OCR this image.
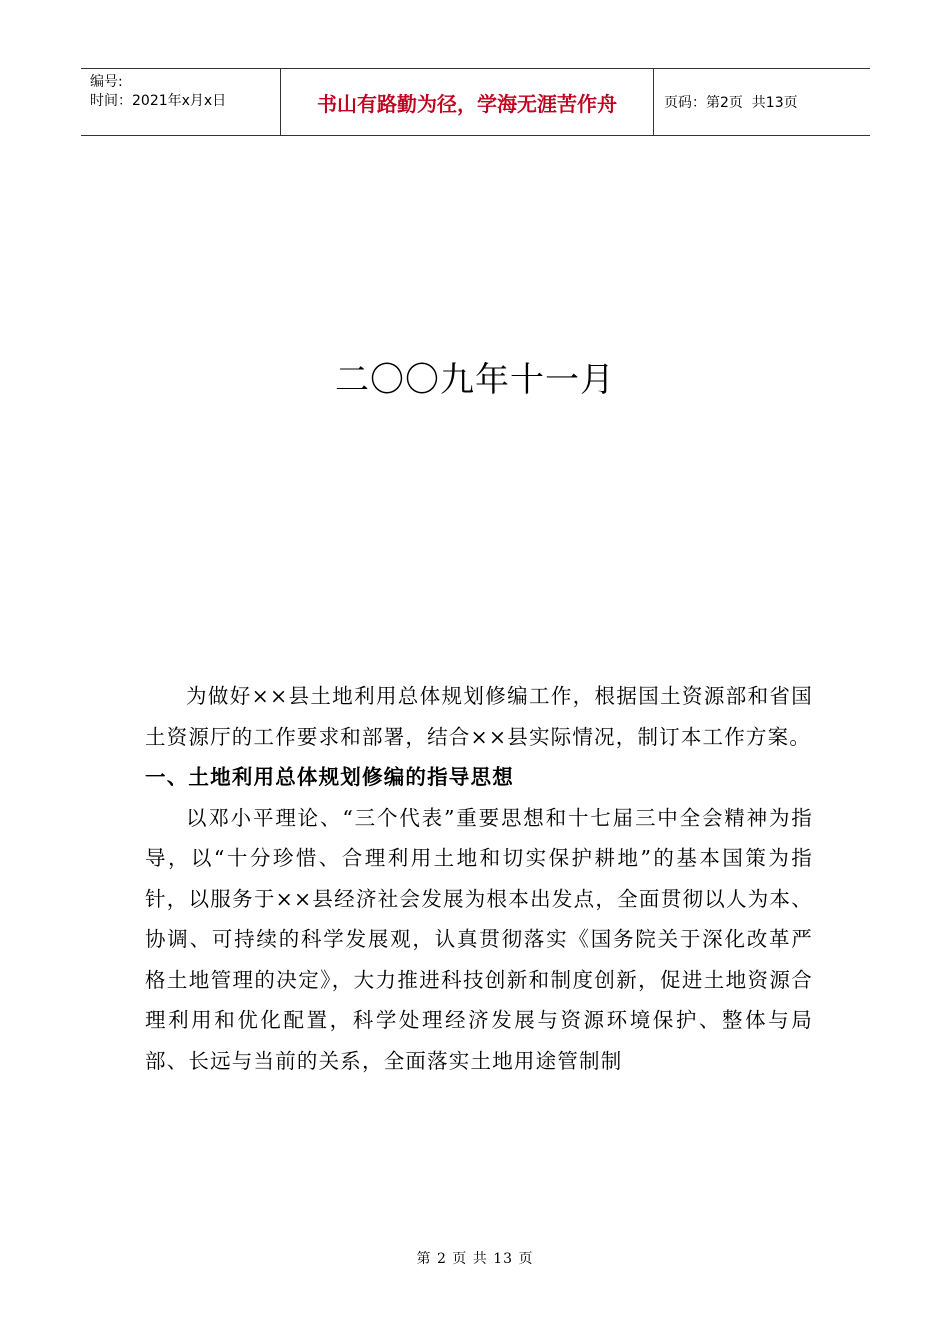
编号:
时间：2021年x月x日	书山有路勤为径，学海无涯苦作舟	页码：第2页  共13页
二〇〇九年十一月

为做好××县土地利用总体规划修编工作，根据国土资源部和省国土资源厅的工作要求和部署，结合××县实际情况，制订本工作方案。

一、土地利用总体规划修编的指导思想

以邓小平理论、“三个代表”重要思想和十七届三中全会精神为指导，以“十分珍惜、合理利用土地和切实保护耕地”的基本国策为指针，以服务于××县经济社会发展为根本出发点，全面贯彻以人为本、协调、可持续的科学发展观，认真贯彻落实《国务院关于深化改革严格土地管理的决定》，大力推进科技创新和制度创新，促进土地资源合理利用和优化配置，科学处理经济发展与资源环境保护、整体与局部、长远与当前的关系，全面落实土地用途管制制

第 2 页 共 13 页
